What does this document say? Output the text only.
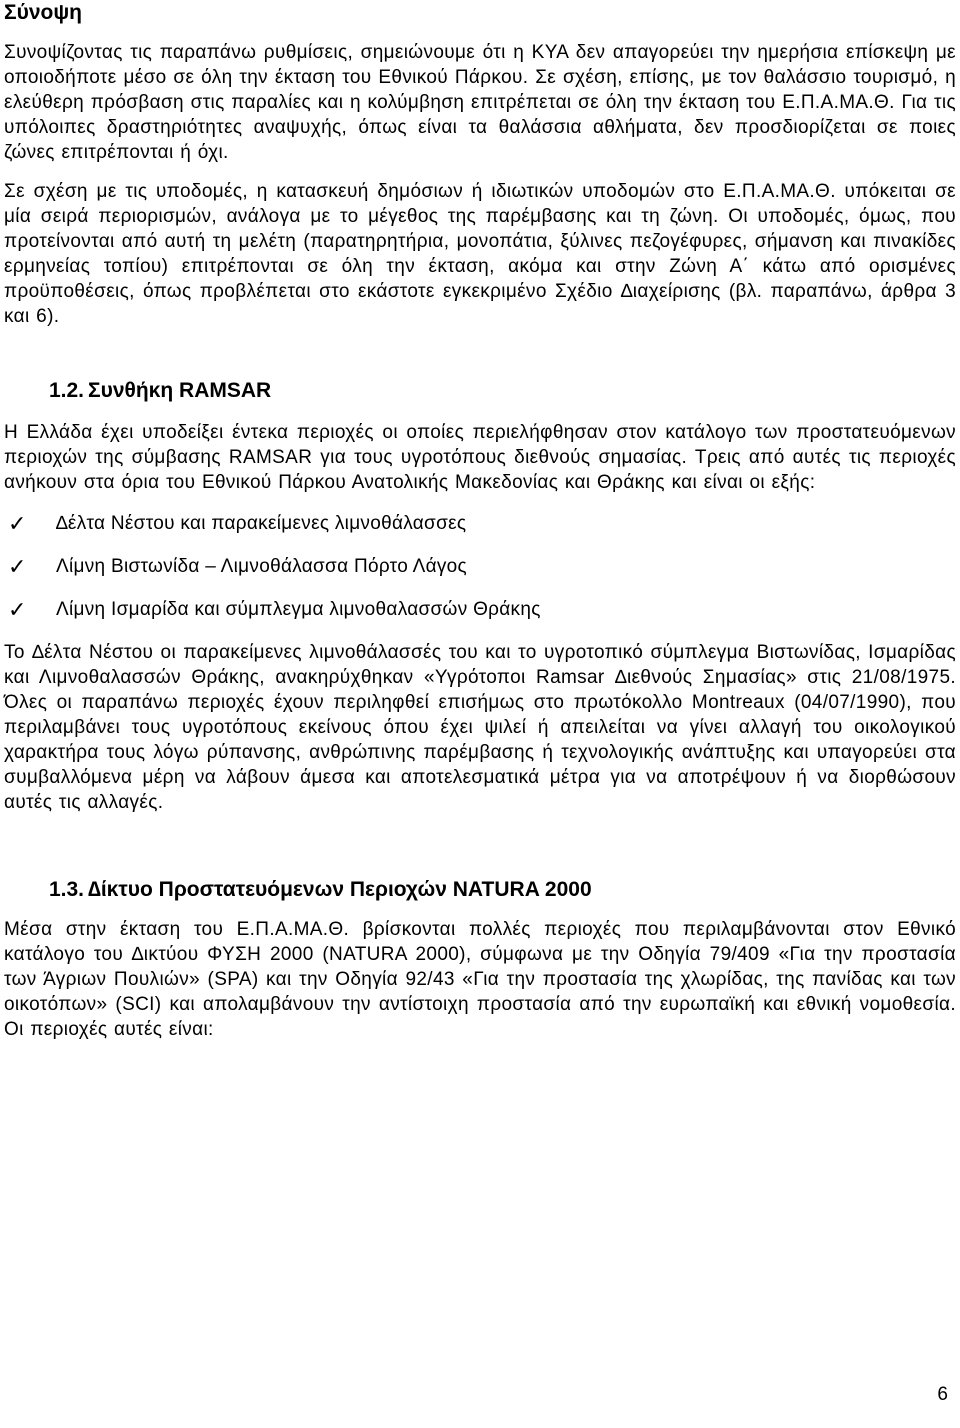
Σύνοψη

Συνοψίζοντας τις παραπάνω ρυθμίσεις, σημειώνουμε ότι η ΚΥΑ δεν απαγορεύει την ημερήσια επίσκεψη με οποιοδήποτε μέσο σε όλη την έκταση του Εθνικού Πάρκου. Σε σχέση, επίσης, με τον θαλάσσιο τουρισμό, η ελεύθερη πρόσβαση στις παραλίες και η κολύμβηση επιτρέπεται σε όλη την έκταση του Ε.Π.Α.ΜΑ.Θ. Για τις υπόλοιπες δραστηριότητες αναψυχής, όπως είναι τα θαλάσσια αθλήματα, δεν προσδιορίζεται σε ποιες ζώνες επιτρέπονται ή όχι.

Σε σχέση με τις υποδομές, η κατασκευή δημόσιων ή ιδιωτικών υποδομών στο Ε.Π.Α.ΜΑ.Θ. υπόκειται σε μία σειρά περιορισμών, ανάλογα με το μέγεθος της παρέμβασης και τη ζώνη. Οι υποδομές, όμως, που προτείνονται από αυτή τη μελέτη (παρατηρητήρια, μονοπάτια, ξύλινες πεζογέφυρες, σήμανση και πινακίδες ερμηνείας τοπίου) επιτρέπονται σε όλη την έκταση, ακόμα και στην Ζώνη Α΄ κάτω από ορισμένες προϋποθέσεις, όπως προβλέπεται στο εκάστοτε εγκεκριμένο Σχέδιο ∆ιαχείρισης (βλ. παραπάνω, άρθρα 3 και 6).

1.2. Συνθήκη RAMSAR

Η Ελλάδα έχει υποδείξει έντεκα περιοχές οι οποίες περιελήφθησαν στον κατάλογο των προστατευόμενων περιοχών της σύμβασης RAMSAR για τους υγροτόπους διεθνούς σημασίας. Τρεις από αυτές τις περιοχές ανήκουν στα όρια του Εθνικού Πάρκου Ανατολικής Μακεδονίας και Θράκης και είναι οι εξής:

✓	∆έλτα Νέστου και παρακείμενες λιμνοθάλασσες
✓	Λίμνη Βιστωνίδα – Λιμνοθάλασσα Πόρτο Λάγος
✓	Λίμνη Ισμαρίδα και σύμπλεγμα λιμνοθαλασσών Θράκης

Το ∆έλτα Νέστου οι παρακείμενες λιμνοθάλασσές του και το υγροτοπικό σύμπλεγμα Βιστωνίδας, Ισμαρίδας και Λιμνοθαλασσών Θράκης, ανακηρύχθηκαν «Υγρότοποι Ramsar ∆ιεθνούς Σημασίας» στις 21/08/1975. Όλες οι παραπάνω περιοχές έχουν περιληφθεί επισήμως στο πρωτόκολλο Montreaux (04/07/1990), που περιλαμβάνει τους υγροτόπους εκείνους όπου έχει ψιλεί ή απειλείται να γίνει αλλαγή του οικολογικού χαρακτήρα τους λόγω ρύπανσης, ανθρώπινης παρέμβασης ή τεχνολογικής ανάπτυξης και υπαγορεύει στα συμβαλλόμενα μέρη να λάβουν άμεσα και αποτελεσματικά μέτρα για να αποτρέψουν ή να διορθώσουν αυτές τις αλλαγές.

1.3. ∆ίκτυο Προστατευόμενων Περιοχών NATURA 2000

Μέσα στην έκταση του Ε.Π.Α.ΜΑ.Θ. βρίσκονται πολλές περιοχές που περιλαμβάνονται στον Εθνικό κατάλογο του ∆ικτύου ΦΥΣΗ 2000 (NATURA 2000), σύμφωνα με την Οδηγία 79/409 «Για την προστασία των Άγριων Πουλιών» (SPA) και την Οδηγία 92/43 «Για την προστασία της χλωρίδας, της πανίδας και των οικοτόπων» (SCI) και απολαμβάνουν την αντίστοιχη προστασία από την ευρωπαϊκή και εθνική νομοθεσία. Οι περιοχές αυτές είναι:

6
